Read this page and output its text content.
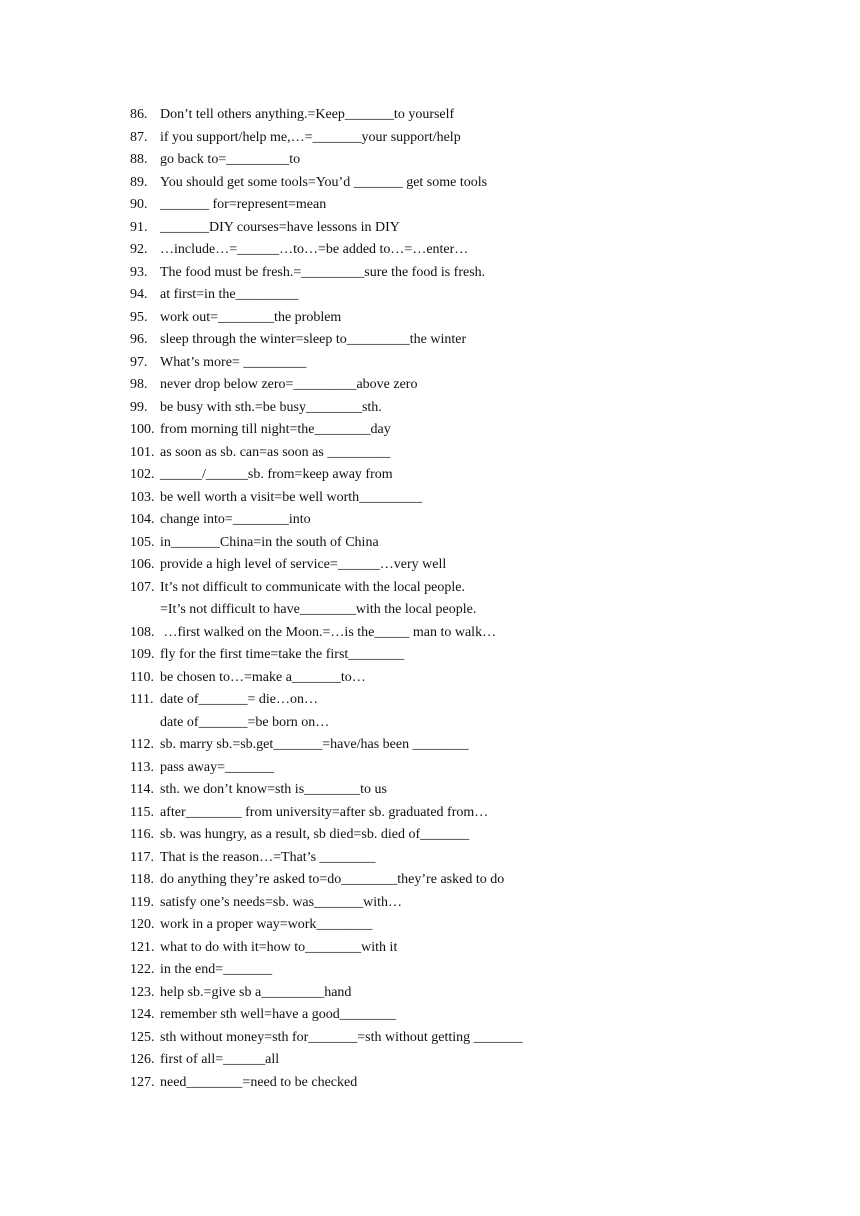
86. Don’t tell others anything.=Keep_______to yourself
87. if you support/help me,…=_______your support/help
88. go back to=_________to
89. You should get some tools=You’d _______ get some tools
90. _______ for=represent=mean
91. _______DIY courses=have lessons in DIY
92. …include…=______…to…=be added to…=…enter…
93. The food must be fresh.=_________sure the food is fresh.
94. at first=in the_________
95. work out=________the problem
96. sleep through the winter=sleep to_________the winter
97. What’s more= _________
98. never drop below zero=_________above zero
99. be busy with sth.=be busy________sth.
100. from morning till night=the________day
101. as soon as sb. can=as soon as _________
102. ______/______sb. from=keep away from
103. be well worth a visit=be well worth_________
104. change into=________into
105. in_______China=in the south of China
106. provide a high level of service=______…very well
107. It’s not difficult to communicate with the local people.
=It’s not difficult to have________with the local people.
108. …first walked on the Moon.=…is the_____ man to walk…
109. fly for the first time=take the first________
110. be chosen to…=make a_______to…
111. date of_______= die…on…
date of_______=be born on…
112. sb. marry sb.=sb.get_______=have/has been ________
113. pass away=_______
114. sth. we don’t know=sth is________to us
115. after________ from university=after sb. graduated from…
116. sb. was hungry, as a result, sb died=sb. died of_______
117. That is the reason…=That’s ________
118. do anything they’re asked to=do________they’re asked to do
119. satisfy one’s needs=sb. was_______with…
120. work in a proper way=work________
121. what to do with it=how to________with it
122. in the end=_______
123. help sb.=give sb a_________hand
124. remember sth well=have a good________
125. sth without money=sth for_______=sth without getting _______
126. first of all=______all
127. need________=need to be checked
